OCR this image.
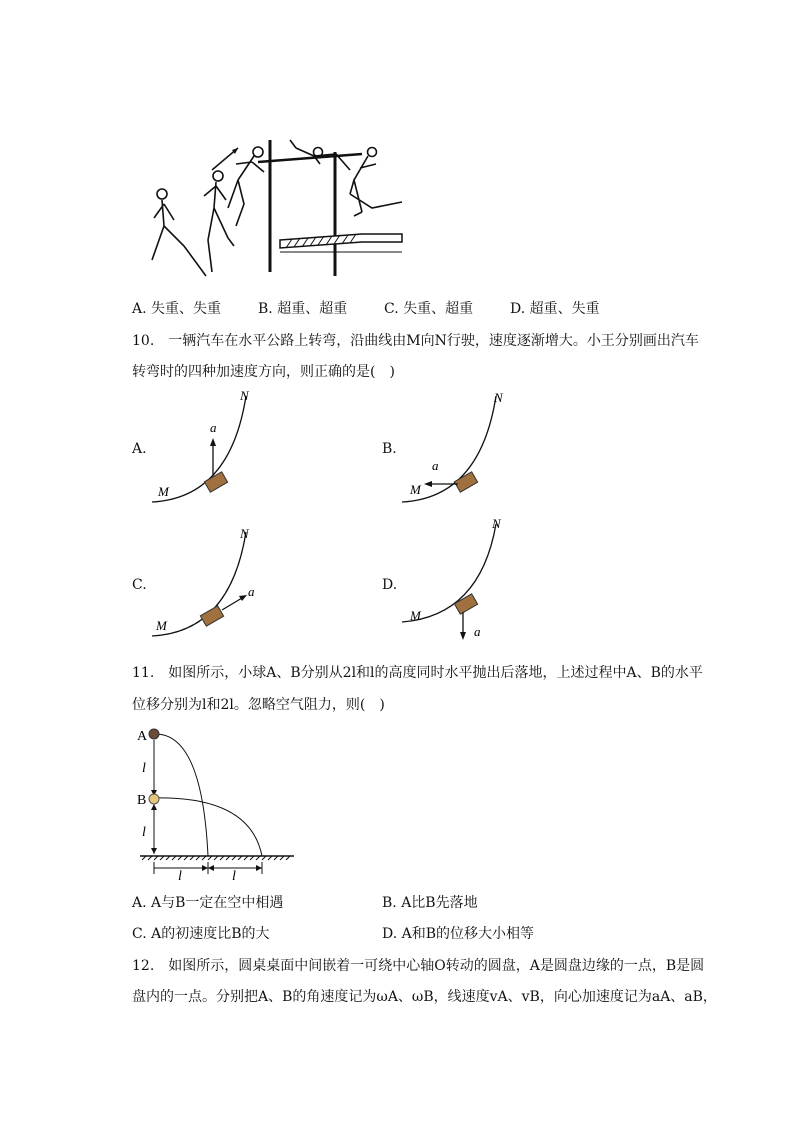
A. 失重、失重	B. 超重、超重	C. 失重、超重	D. 超重、失重
10.　一辆汽车在水平公路上转弯，沿曲线由M向N行驶，速度逐渐增大。小王分别画出汽车
转弯时的四种加速度方向，则正确的是(　)
A.	B.
C.	D.
a
M
N
a
M
N
a
M
N
a
M
N
11.　如图所示，小球A、B分别从2l和l的高度同时水平抛出后落地，上述过程中A、B的水平
位移分别为l和2l。忽略空气阻力，则(　)
A
B
l
l
l	l
A. A与B一定在空中相遇	B. A比B先落地
C. A的初速度比B的大	D. A和B的位移大小相等
12.　如图所示，圆桌桌面中间嵌着一可绕中心轴O转动的圆盘，A是圆盘边缘的一点，B是圆
盘内的一点。分别把A、B的角速度记为ωA、ωB，线速度vA、vB，向心加速度记为aA、aB，
